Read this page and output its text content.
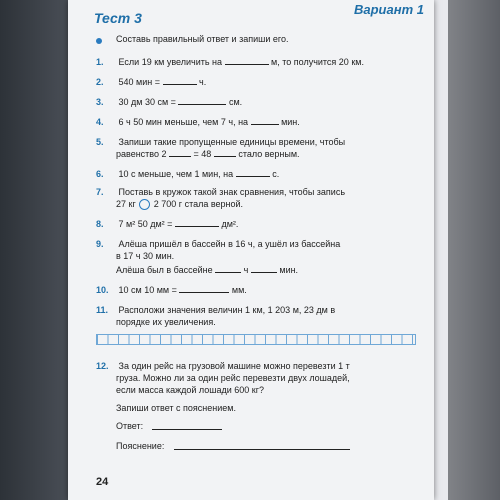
Тест 3
Вариант 1
Составь правильный ответ и запиши его.
1. Если 19 км увеличить на	м, то получится 20 км.
2. 540 мин =	ч.
3. 30 дм 30 см =	см.
4. 6 ч 50 мин меньше, чем 7 ч, на	мин.
5. Запиши такие пропущенные единицы времени, чтобы
равенство 2	= 48	стало верным.
6. 10 с меньше, чем 1 мин, на	с.
7. Поставь в кружок такой знак сравнения, чтобы запись
27 кг 2 700 г стала верной.
8. 7 м² 50 дм² =	дм².
9. Алёша пришёл в бассейн в 16 ч, а ушёл из бассейна
в 17 ч 30 мин.
Алёша был в бассейне	ч	мин.
10. 10 см 10 мм =	мм.
11. Расположи значения величин 1 км, 1 203 м, 23 дм в
порядке их увеличения.
12. За один рейс на грузовой машине можно перевезти 1 т
груза. Можно ли за один рейс перевезти двух лошадей,
если масса каждой лошади 600 кг?
Запиши ответ с пояснением.
Ответ:
Пояснение:
24
